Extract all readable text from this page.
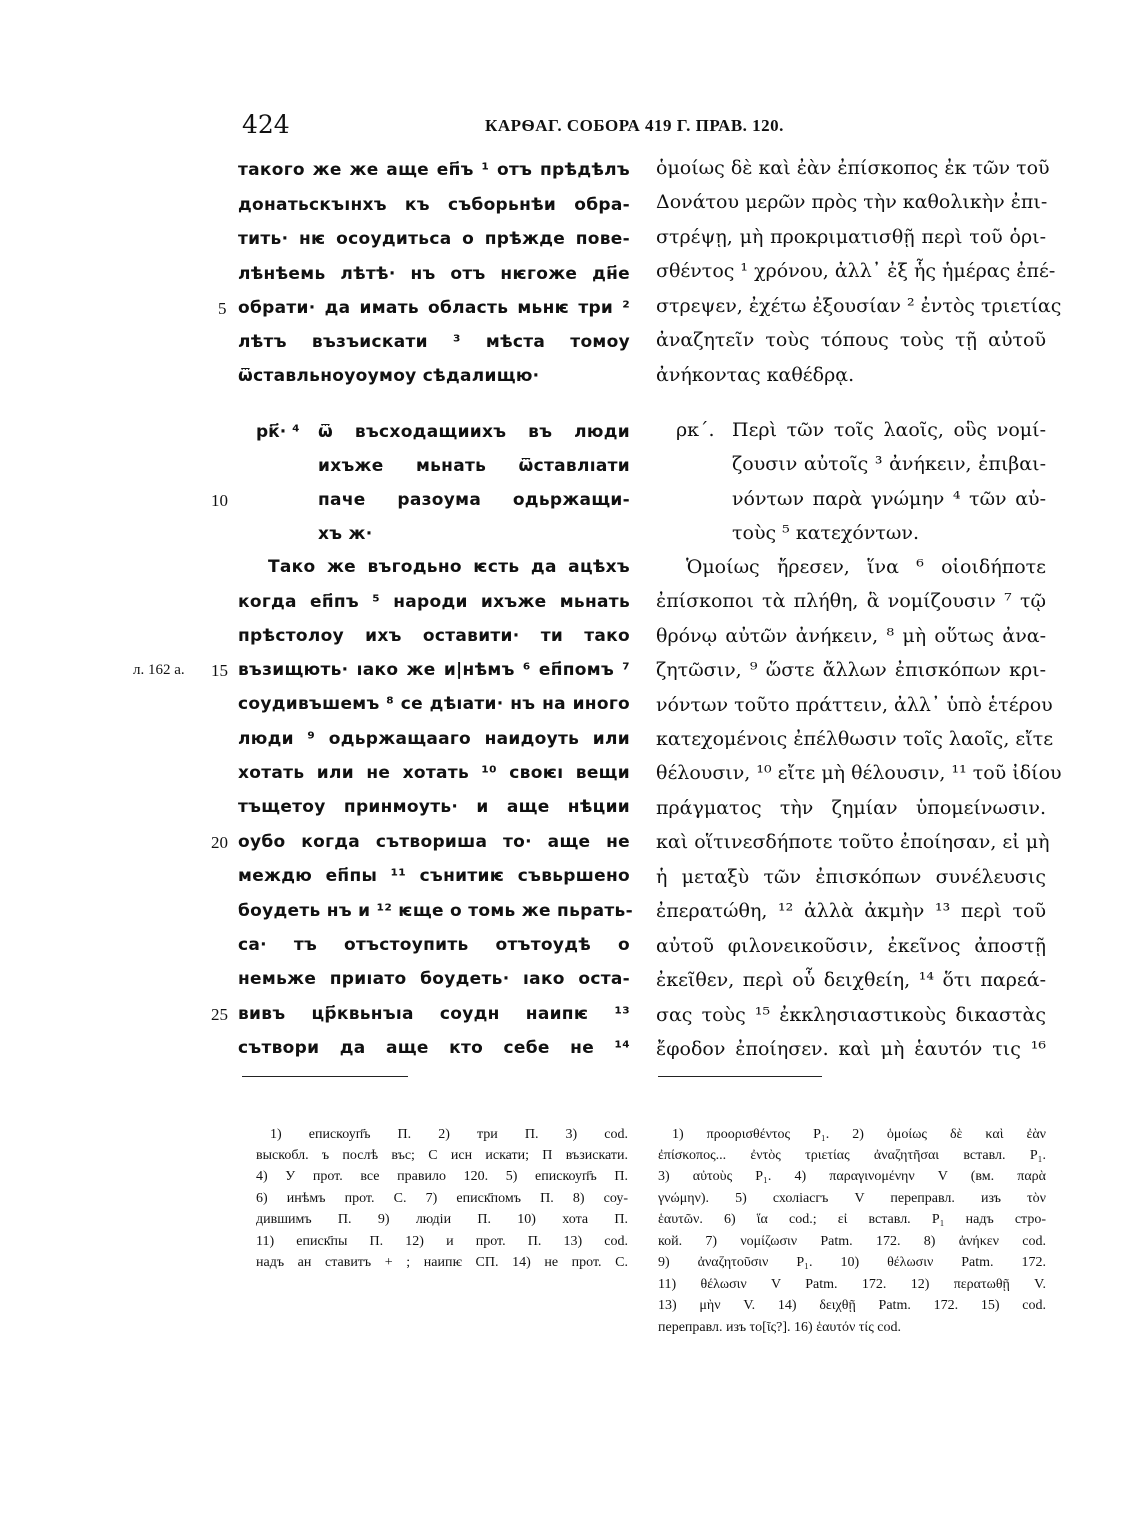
424	КАРѲАГ. СОБОРА 419 Г. ПРАВ. 120.
такого же же аще еп҃ъ ¹ отъ прѣдѣлъ
донатьскъıнхъ къ съборьнѣи обра-
тить· нѥ осоудитьса о прѣжде пове-
лѣнѣемь лѣтѣ· нъ отъ нѥгоже дн҃е
обрати· да имать область мьнѥ три ²
лѣтъ възъискати ³ мѣста томоу
ѿставльноуоумоу сѣдалищю·
рк҃· ⁴ ѿ въсходащиихъ въ люди
ихъже мьнать ѿставлıати
паче разоума одьржащи-
хъ ж·
Тако же въгодьно ѥсть да ацѣхъ
когда еп҃пъ ⁵ народи ихъже мьнать
прѣстолоу ихъ оставити· ти тако
възищють· ıако же и|нѣмъ ⁶ еп҃помъ ⁷
соудивъшемъ ⁸ се дѣıати· нъ на иного
люди ⁹ одьржащааго наидоуть или
хотать или не хотать ¹⁰ своѥı вещи
тъщетоу принмоуть· и аще нѣции
оубо когда сътвориша то· аще не
междю еп҃пы ¹¹ сънитиѥ съвьршено
боудеть нъ и ¹² ѥще о томь же пьрать-
са· тъ отъстоупить отътоудѣ о
немьже приıато боудеть· ıако оста-
вивъ цр҃квьнъıа соудн наипѥ ¹³
сътвори да аще кто себе не ¹⁴
5
10
л. 162 а. 15
20
25
ὁμοίως δὲ καὶ ἐὰν ἐπίσκοπος ἐκ τῶν τοῦ
Δονάτου μερῶν πρὸς τὴν καθολικὴν ἐπι-
στρέψῃ, μὴ προκριματισθῇ περὶ τοῦ ὁρι-
σθέντος ¹ χρόνου, ἀλλ᾽ ἐξ ἧς ἡμέρας ἐπέ-
στρεψεν, ἐχέτω ἐξουσίαν ² ἐντὸς τριετίας
ἀναζητεῖν τοὺς τόπους τοὺς τῇ αὐτοῦ
ἀνήκοντας καθέδρᾳ.
ρκ´. Περὶ τῶν τοῖς λαοῖς, οὓς νομί-
ζουσιν αὐτοῖς ³ ἀνήκειν, ἐπιβαι-
νόντων παρὰ γνώμην ⁴ τῶν αὐ-
τοὺς ⁵ κατεχόντων.
Ὁμοίως ἤρεσεν, ἵνα ⁶ οἱοιδήποτε
ἐπίσκοποι τὰ πλήθη, ἃ νομίζουσιν ⁷ τῷ
θρόνῳ αὐτῶν ἀνήκειν, ⁸ μὴ οὕτως ἀνα-
ζητῶσιν, ⁹ ὥστε ἄλλων ἐπισκόπων κρι-
νόντων τοῦτο πράττειν, ἀλλ᾽ ὑπὸ ἑτέρου
κατεχομένοις ἐπέλθωσιν τοῖς λαοῖς, εἴτε
θέλουσιν, ¹⁰ εἴτε μὴ θέλουσιν, ¹¹ τοῦ ἰδίου
πράγματος τὴν ζημίαν ὑπομείνωσιν.
καὶ οἵτινεσδήποτε τοῦτο ἐποίησαν, εἰ μὴ
ἡ μεταξὺ τῶν ἐπισκόπων συνέλευσις
ἐπερατώθη, ¹² ἀλλὰ ἀκμὴν ¹³ περὶ τοῦ
αὐτοῦ φιλονεικοῦσιν, ἐκεῖνος ἀποστῇ
ἐκεῖθεν, περὶ οὗ δειχθείη, ¹⁴ ὅτι παρεά-
σας τοὺς ¹⁵ ἐκκλησιαστικοὺς δικαστὰς
ἔφοδον ἐποίησεν. καὶ μὴ ἑαυτόν τις ¹⁶
1) епискоуп҃ъ П. 2) три П. 3) cod.
выскобл. ъ послѣ въс; С исн искати; П възискати.
4) У прот. все правило 120. 5) епискоуп҃ъ П.
6) инѣмъ прот. С. 7) еписк҃помъ П. 8) соу-
дившимъ П. 9) людіи П. 10) хота П.
11) епиcк҃пы П. 12) и прот. П. 13) cod.
надъ ан ставитъ + ; наипѥ СП. 14) не прот. С.
1) προορισθέντος P₁. 2) ὁμοίως δὲ καὶ ἐὰν
ἐπίσκοπος... ἐντὸς τριετίας ἀναζητῆσαι вставл. P₁.
3) αὐτοὺς P₁. 4) παραγινομένην V (вм. παρὰ
γνώμην). 5) схоліасгъ V переправл. изъ τὸν
ἑαυτῶν. 6) ἵα cod.; εἰ вставл. P₁ надъ стро-
кой. 7) νομίζωσιν Patm. 172. 8) ἀνήκεν cod.
9) ἀναζητοῦσιν P₁. 10) θέλωσιν Patm. 172.
11) θέλωσιν V Patm. 172. 12) περατωθῇ V.
13) μὴν V. 14) δειχθῇ Patm. 172. 15) cod.
переправл. изъ το[ῖς?]. 16) ἑαυτόν τίς cod.
